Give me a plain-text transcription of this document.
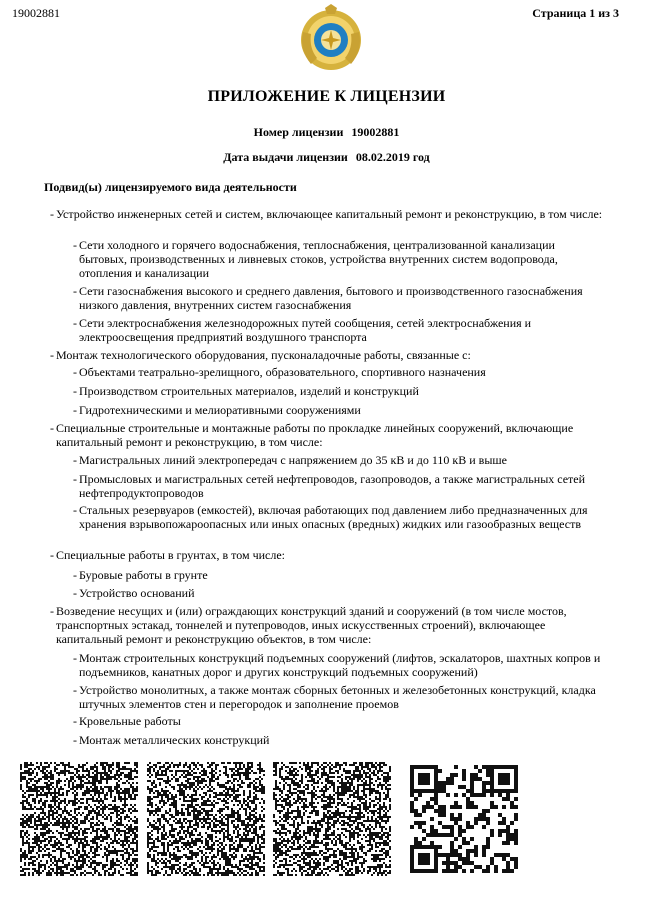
19002881	Страница 1 из 3
ПРИЛОЖЕНИЕ К ЛИЦЕНЗИИ
Номер лицензии 19002881
Дата выдачи лицензии 08.02.2019 год
Подвид(ы) лицензируемого вида деятельности
- Устройство инженерных сетей и систем, включающее капитальный ремонт и реконструкцию, в том числе:
- Сети холодного и горячего водоснабжения, теплоснабжения, централизованной канализации бытовых, производственных и ливневых стоков, устройства внутренних систем водопровода, отопления и канализации
- Сети газоснабжения высокого и среднего давления, бытового и производственного газоснабжения низкого давления, внутренних систем газоснабжения
- Сети электроснабжения железнодорожных путей сообщения, сетей электроснабжения и электроосвещения предприятий воздушного транспорта
- Монтаж технологического оборудования, пусконаладочные работы, связанные с:
- Объектами театрально-зрелищного, образовательного, спортивного назначения
- Производством строительных материалов, изделий и конструкций
- Гидротехническими и мелиоративными сооружениями
- Специальные строительные и монтажные работы по прокладке линейных сооружений, включающие капитальный ремонт и реконструкцию, в том числе:
- Магистральных линий электропередач с напряжением до 35 кВ и до 110 кВ и выше
- Промысловых и магистральных сетей нефтепроводов, газопроводов, а также магистральных сетей нефтепродуктопроводов
- Стальных резервуаров (емкостей), включая работающих под давлением либо предназначенных для хранения взрывопожароопасных или иных опасных (вредных) жидких или газообразных веществ
- Специальные работы в грунтах, в том числе:
- Буровые работы в грунте
- Устройство оснований
- Возведение несущих и (или) ограждающих конструкций зданий и сооружений (в том числе мостов, транспортных эстакад, тоннелей и путепроводов, иных искусственных строений), включающее капитальный ремонт и реконструкцию объектов, в том числе:
- Монтаж строительных конструкций подъемных сооружений (лифтов, эскалаторов, шахтных копров и подъемников, канатных дорог и других конструкций подъемных сооружений)
- Устройство монолитных, а также монтаж сборных бетонных и железобетонных конструкций, кладка штучных элементов стен и перегородок и заполнение проемов
- Кровельные работы
- Монтаж металлических конструкций
